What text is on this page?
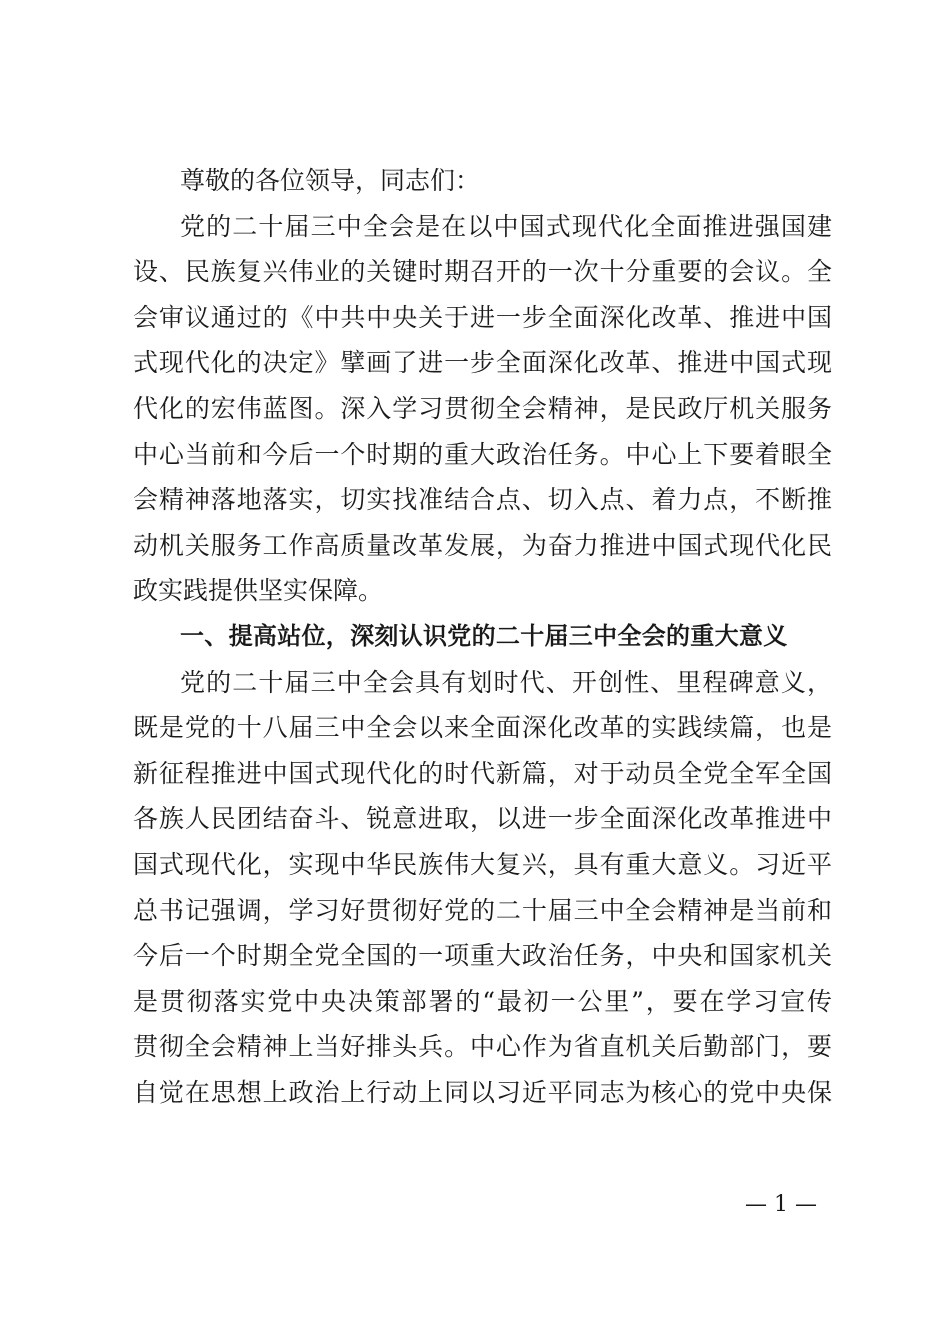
尊敬的各位领导，同志们：
党的二十届三中全会是在以中国式现代化全面推进强国建
设、民族复兴伟业的关键时期召开的一次十分重要的会议。全
会审议通过的《中共中央关于进一步全面深化改革、推进中国
式现代化的决定》擘画了进一步全面深化改革、推进中国式现
代化的宏伟蓝图。深入学习贯彻全会精神，是民政厅机关服务
中心当前和今后一个时期的重大政治任务。中心上下要着眼全
会精神落地落实，切实找准结合点、切入点、着力点，不断推
动机关服务工作高质量改革发展，为奋力推进中国式现代化民
政实践提供坚实保障。
一、提高站位，深刻认识党的二十届三中全会的重大意义
党的二十届三中全会具有划时代、开创性、里程碑意义，
既是党的十八届三中全会以来全面深化改革的实践续篇，也是
新征程推进中国式现代化的时代新篇，对于动员全党全军全国
各族人民团结奋斗、锐意进取，以进一步全面深化改革推进中
国式现代化，实现中华民族伟大复兴，具有重大意义。习近平
总书记强调，学习好贯彻好党的二十届三中全会精神是当前和
今后一个时期全党全国的一项重大政治任务，中央和国家机关
是贯彻落实党中央决策部署的“最初一公里”，要在学习宣传
贯彻全会精神上当好排头兵。中心作为省直机关后勤部门，要
自觉在思想上政治上行动上同以习近平同志为核心的党中央保
— 1 —
